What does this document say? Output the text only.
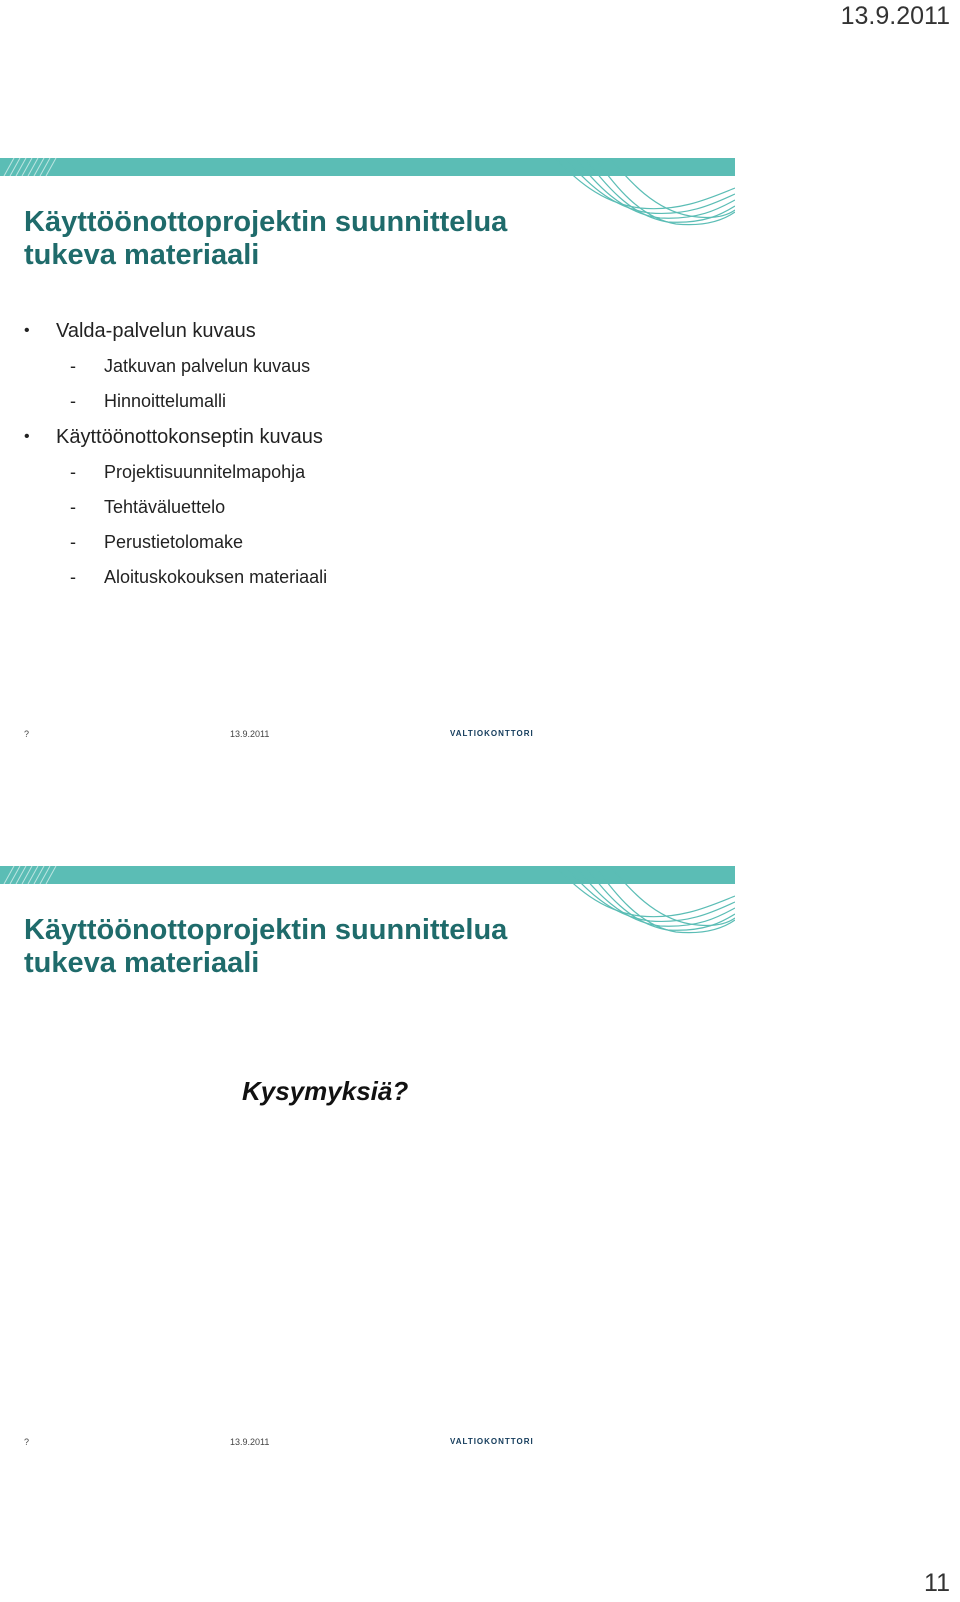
13.9.2011
Käyttöönottoprojektin suunnittelua
tukeva materiaali
• Valda-palvelun kuvaus
- Jatkuvan palvelun kuvaus
- Hinnoittelumalli
• Käyttöönottokonseptin kuvaus
- Projektisuunnitelmapohja
- Tehtäväluettelo
- Perustietolomake
- Aloituskokouksen materiaali
?	13.9.2011	VALTIOKONTTORI
Käyttöönottoprojektin suunnittelua
tukeva materiaali

Kysymyksiä?

?	13.9.2011	VALTIOKONTTORI
11
